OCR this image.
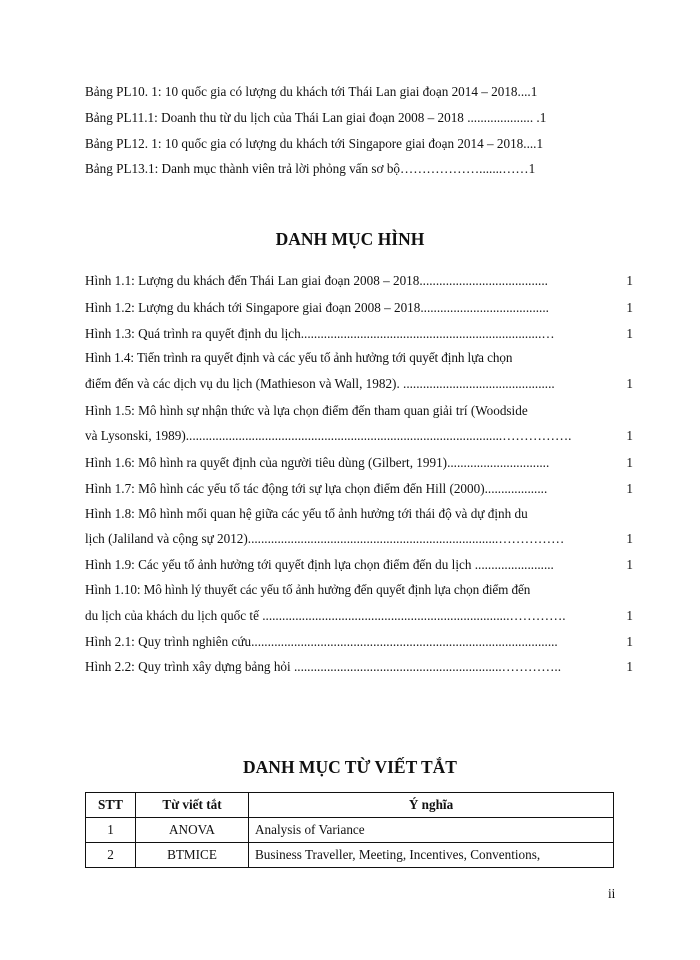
Bảng PL10. 1: 10 quốc gia có lượng du khách tới Thái Lan giai đoạn 2014 – 2018....1
Bảng PL11.1: Doanh thu từ du lịch của Thái Lan giai đoạn 2008 – 2018 .................... .1
Bảng PL12. 1: 10 quốc gia có lượng du khách tới Singapore giai đoạn 2014 – 2018....1
Bảng PL13.1: Danh mục thành viên trả lời phỏng vấn sơ bộ……………….......……1
DANH MỤC HÌNH
Hình 1.1: Lượng du khách đến Thái Lan giai đoạn 2008 – 2018.......................................	1
Hình 1.2: Lượng du khách tới Singapore giai đoạn 2008 – 2018.......................................	1
Hình 1.3: Quá trình ra quyết định du lịch.........................................................................…	1
Hình 1.4: Tiến trình ra quyết định và các yếu tố ảnh hưởng tới quyết định lựa chọn
điểm đến và các dịch vụ du lịch (Mathieson và Wall, 1982). ..............................................	1
Hình 1.5: Mô hình sự nhận thức và lựa chọn điểm đến tham quan giải trí (Woodside
và Lysonski, 1989)................................................................................................…………….	1
Hình 1.6: Mô hình ra quyết định của người tiêu dùng (Gilbert, 1991)...............................	1
Hình 1.7: Mô hình các yếu tố tác động tới sự lựa chọn điểm đến Hill (2000)...................	1
Hình 1.8: Mô hình mối quan hệ giữa các yếu tố ảnh hưởng tới thái độ và dự định du
lịch (Jaliland và cộng sự 2012)............................................................................……………	1
Hình 1.9: Các yếu tố ảnh hưởng tới quyết định lựa chọn điểm đến du lịch ........................	1
Hình 1.10: Mô hình lý thuyết các yếu tố ảnh hưởng đến quyết định lựa chọn điểm đến
du lịch của khách du lịch quốc tế ...........................................................................………….	1
Hình 2.1: Quy trình nghiên cứu.............................................................................................	1
Hình 2.2: Quy trình xây dựng bảng hỏi ...............................................................…………..	1
DANH MỤC TỪ VIẾT TẮT
STT	Từ viết tắt	Ý nghĩa
1	ANOVA	Analysis of Variance
2	BTMICE	Business Traveller, Meeting, Incentives, Conventions,
ii
